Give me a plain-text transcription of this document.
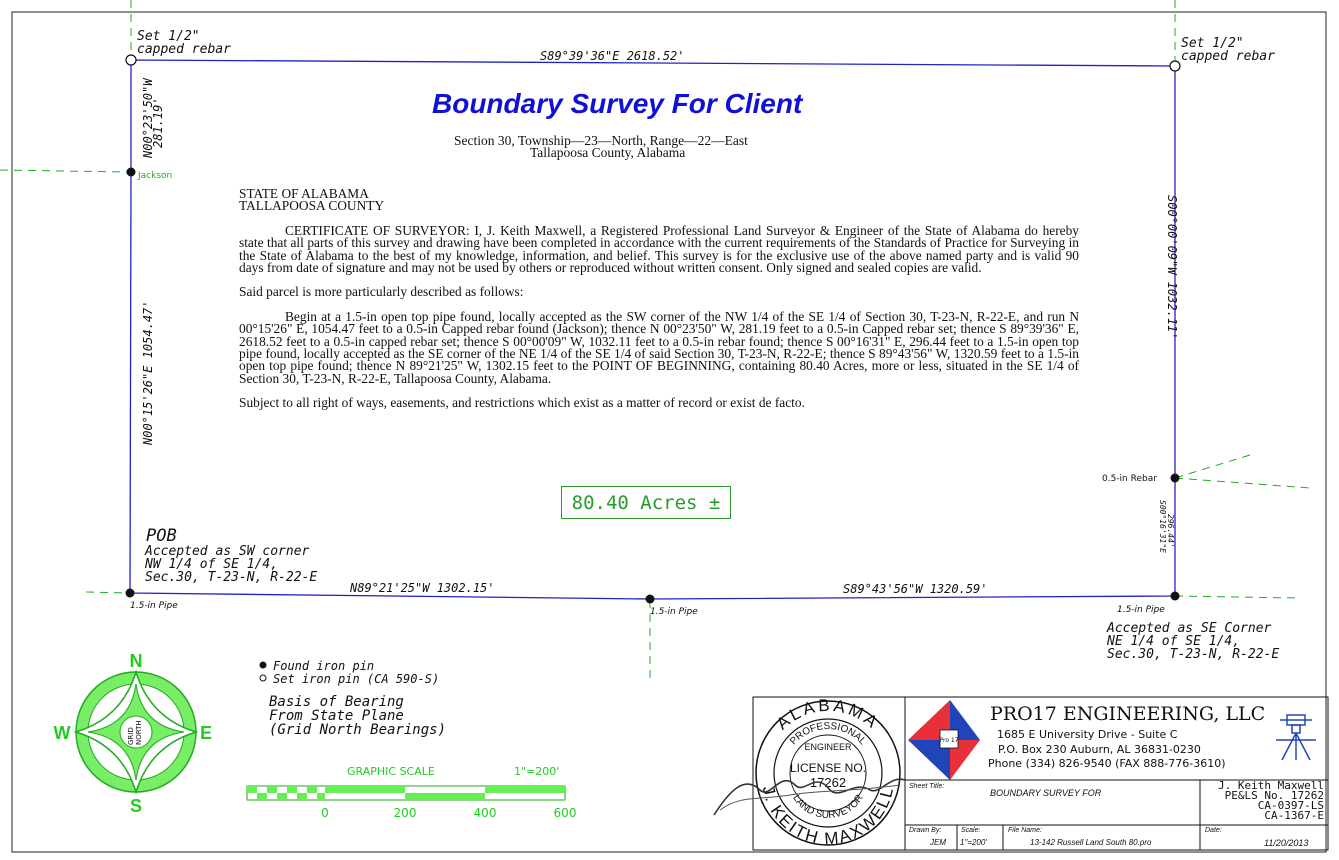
S89°39'36"E 2618.52'
N00°23'50"W
281.19'
N00°15'26"E 1054.47'
S00°00'09"W 1032.11'
S00°16'31"E 296.44'
N89°21'25"W 1302.15'	S89°43'56"W 1320.59'
Set 1/2"
capped rebar	Set 1/2"
capped rebar
Jackson
0.5-in Rebar
1.5-in Pipe
1.5-in Pipe	1.5-in Pipe
POB
Accepted as SW corner
NW 1/4 of SE 1/4,
Sec.30, T-23-N, R-22-E
Accepted as SE Corner
NE 1/4 of SE 1/4,
Sec.30, T-23-N, R-22-E
Found iron pin
Set iron pin (CA 590-S)
Basis of Bearing
From State Plane
(Grid North Bearings)
GRID NORTH
N
S
E
W
GRAPHIC SCALE	1"=200'
0	200	400	600
ALABAMA
J. KEITH MAXWELL
PROFESSIONAL
ENGINEER
LICENSE NO.
17262
LAND SURVEYOR
Pro 17
Boundary Survey For Client
Section 30, Township—23—North, Range—22—East
Tallapoosa County, Alabama

STATE OF ALABAMA

TALLAPOOSA COUNTY

CERTIFICATE OF SURVEYOR: I, J. Keith Maxwell, a Registered Professional Land Surveyor & Engineer of the State of Alabama do hereby state that all parts of this survey and drawing have been completed in accordance with the current requirements of the Standards of Practice for Surveying in the State of Alabama to the best of my knowledge, information, and belief. This survey is for the exclusive use of the above named party and is valid 90 days from date of signature and may not be used by others or reproduced without written consent. Only signed and sealed copies are valid.

Said parcel is more particularly described as follows:

Begin at a 1.5-in open top pipe found, locally accepted as the SW corner of the NW 1/4 of the SE 1/4 of Section 30, T-23-N, R-22-E, and run N 00°15'26" E, 1054.47 feet to a 0.5-in Capped rebar found (Jackson); thence N 00°23'50" W, 281.19 feet to a 0.5-in Capped rebar set; thence S 89°39'36" E, 2618.52 feet to a 0.5-in capped rebar set; thence S 00°00'09" W, 1032.11 feet to a 0.5-in rebar found; thence S 00°16'31" E, 296.44 feet to a 1.5-in open top pipe found, locally accepted as the SE corner of the NE 1/4 of the SE 1/4 of said Section 30, T-23-N, R-22-E; thence S 89°43'56" W, 1320.59 feet to a 1.5-in open top pipe found; thence N 89°21'25" W, 1302.15 feet to the POINT OF BEGINNING, containing 80.40 Acres, more or less, situated in the SE 1/4 of Section 30, T-23-N, R-22-E, Tallapoosa County, Alabama.

Subject to all right of ways, easements, and restrictions which exist as a matter of record or exist de facto.

80.40 Acres ±
PRO17 ENGINEERING, LLC
1685 E University Drive - Suite C
P.O. Box 230 Auburn, AL 36831-0230
Phone (334) 826-9540 (FAX 888-776-3610)
Sheet Title:
BOUNDARY SURVEY FOR
J. Keith Maxwell
PE&LS No. 17262
CA-0397-LS
CA-1367-E
Drawn By:
JEM
Scale:
1"=200'
File Name:
13-142 Russell Land South 80.pro
Date:
11/20/2013
